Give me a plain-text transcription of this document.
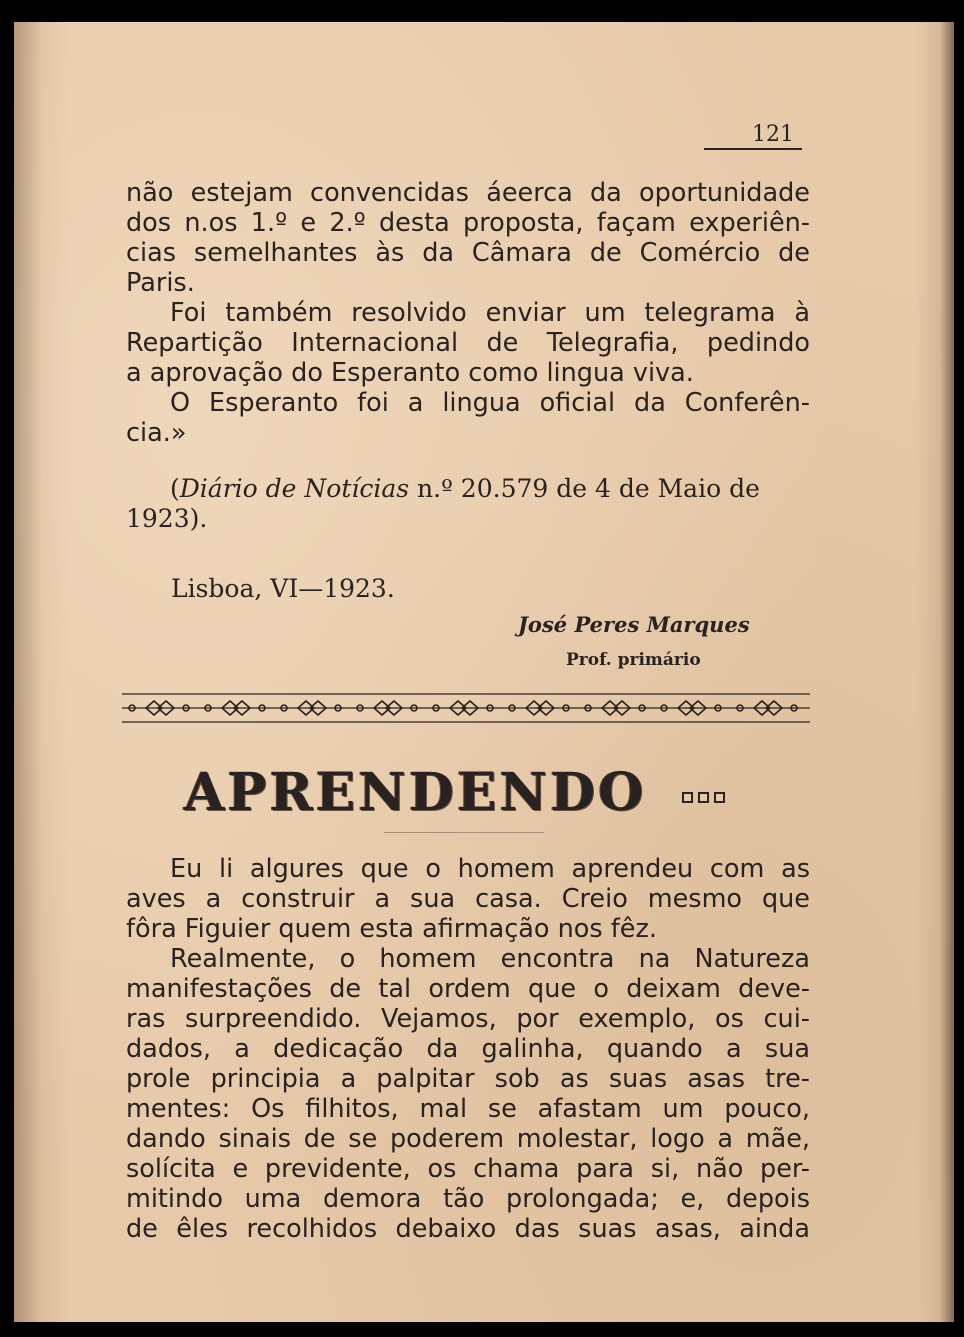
121
não estejam convencidas áeerca da oportunidade
dos n.os 1.º e 2.º desta proposta, façam experiên-
cias semelhantes às da Câmara de Comércio de
Paris.
Foi também resolvido enviar um telegrama à
Repartição Internacional de Telegrafia, pedindo
a aprovação do Esperanto como lingua viva.
O Esperanto foi a lingua oficial da Conferên-
cia.»
(Diário de Notícias n.º 20.579 de 4 de Maio de
1923).
Lisboa, VI—1923.
José Peres Marques
Prof. primário
APRENDENDO
Eu li algures que o homem aprendeu com as
aves a construir a sua casa. Creio mesmo que
fôra Figuier quem esta afirmação nos fêz.
Realmente, o homem encontra na Natureza
manifestações de tal ordem que o deixam deve-
ras surpreendido. Vejamos, por exemplo, os cui-
dados, a dedicação da galinha, quando a sua
prole principia a palpitar sob as suas asas tre-
mentes: Os filhitos, mal se afastam um pouco,
dando sinais de se poderem molestar, logo a mãe,
solícita e previdente, os chama para si, não per-
mitindo uma demora tão prolongada; e, depois
de êles recolhidos debaixo das suas asas, ainda
